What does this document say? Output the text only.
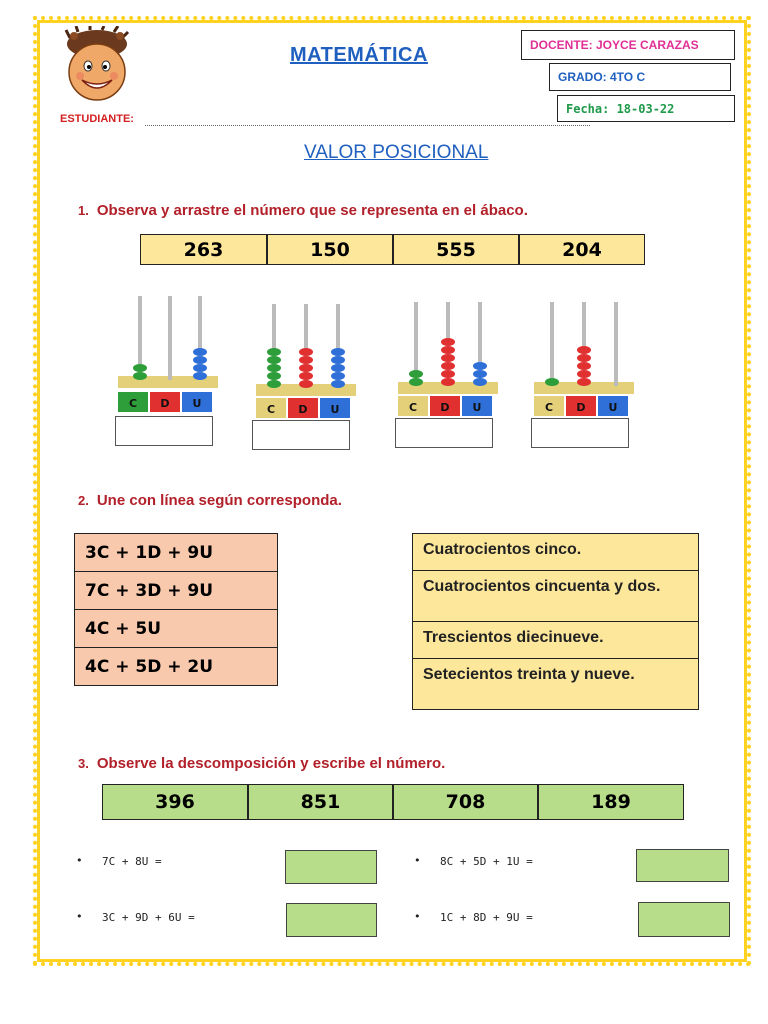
MATEMÁTICA	DOCENTE: JOYCE CARAZAS
GRADO: 4TO C
Fecha: 18-03-22
ESTUDIANTE:
VALOR POSICIONAL
1. Observa y arrastre el número que se representa en el ábaco.
263	150	555	204
C D U	C D U	C D U	C D U
2. Une con línea según corresponda.
3C + 1D + 9U
7C + 3D + 9U
4C + 5U
4C + 5D + 2U
Cuatrocientos cinco.
Cuatrocientos cincuenta y dos.
Trescientos diecinueve.
Setecientos treinta y nueve.
3. Observe la descomposición y escribe el número.
396	851	708	189
• 7C + 8U =	• 8C + 5D + 1U =
• 3C + 9D + 6U =	• 1C + 8D + 9U =
